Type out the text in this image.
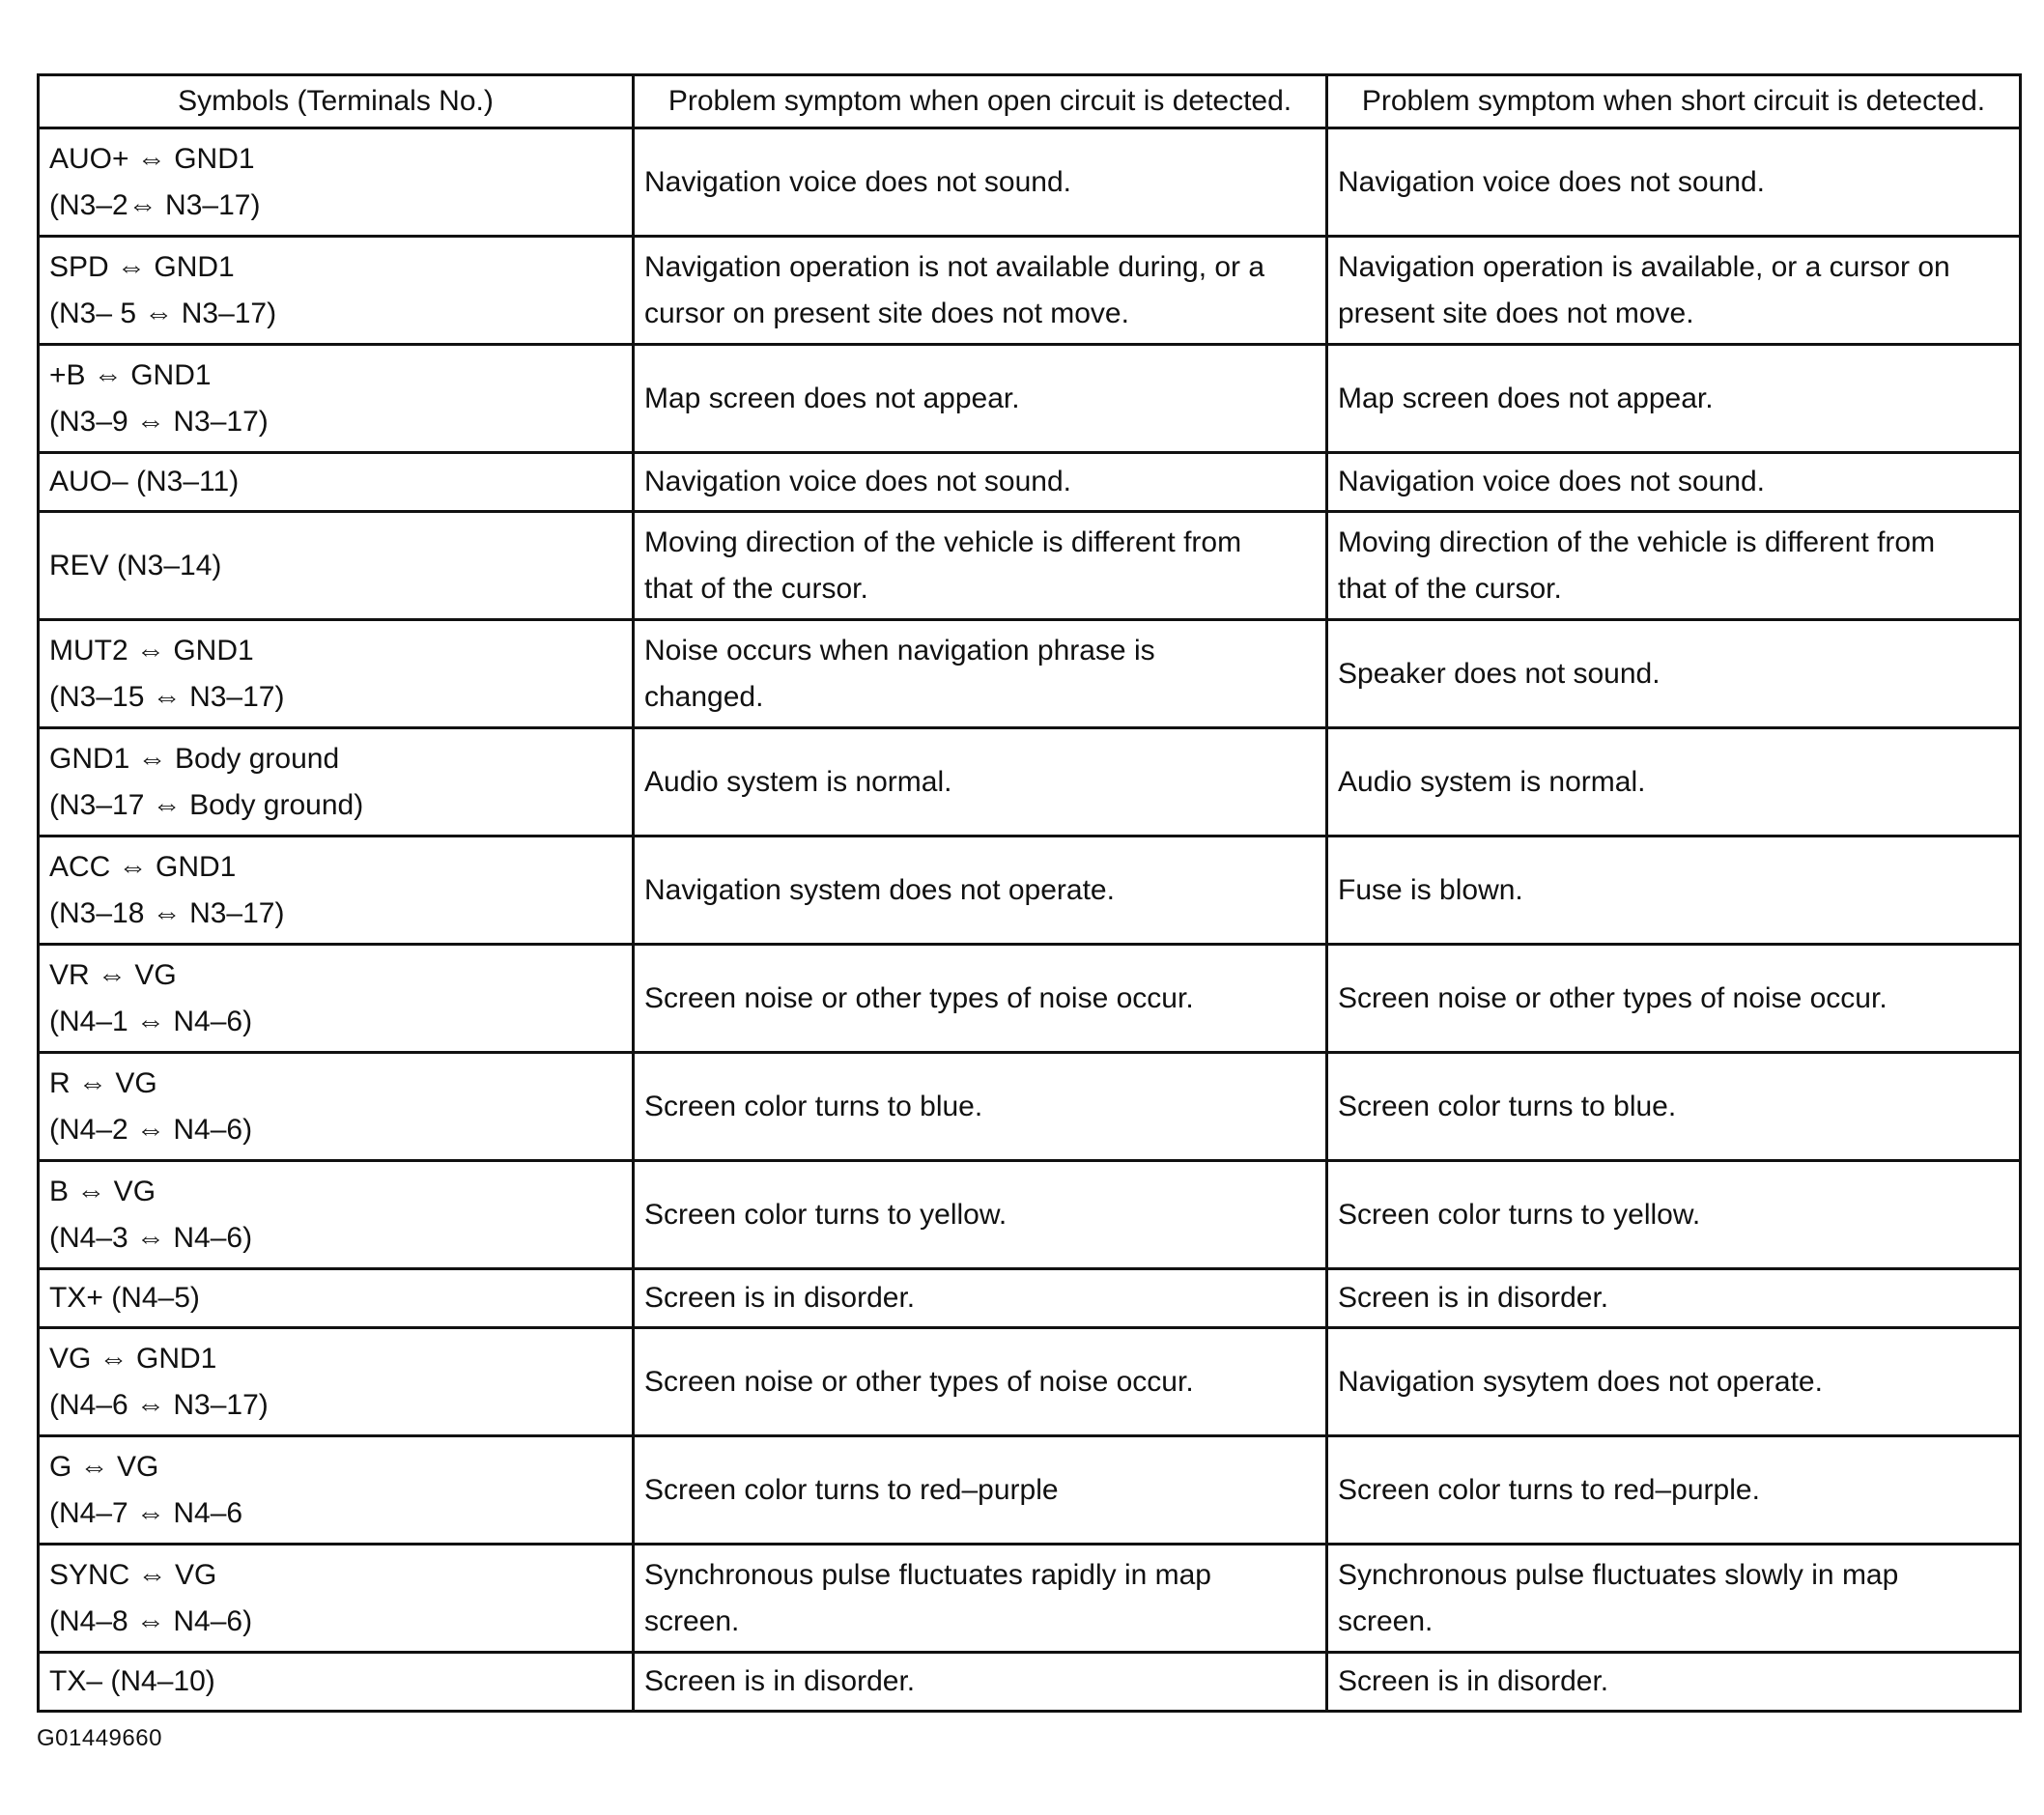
Symbols (Terminals No.)	Problem symptom when open circuit is detected.	Problem symptom when short circuit is detected.

AUO+ ⇔ GND1
(N3–2⇔ N3–17)	Navigation voice does not sound.	Navigation voice does not sound.

SPD ⇔ GND1
(N3– 5 ⇔ N3–17)	Navigation operation is not available during, or a
cursor on present site does not move.	Navigation operation is available, or a cursor on
present site does not move.

+B ⇔ GND1
(N3–9 ⇔ N3–17)	Map screen does not appear.	Map screen does not appear.

AUO– (N3–11)	Navigation voice does not sound.	Navigation voice does not sound.

REV (N3–14)	Moving direction of the vehicle is different from
that of the cursor.	Moving direction of the vehicle is different from
that of the cursor.

MUT2 ⇔ GND1
(N3–15 ⇔ N3–17)	Noise occurs when navigation phrase is
changed.	Speaker does not sound.

GND1 ⇔ Body ground
(N3–17 ⇔ Body ground)	Audio system is normal.	Audio system is normal.

ACC ⇔ GND1
(N3–18 ⇔ N3–17)	Navigation system does not operate.	Fuse is blown.

VR ⇔ VG
(N4–1 ⇔ N4–6)	Screen noise or other types of noise occur.	Screen noise or other types of noise occur.

R ⇔ VG
(N4–2 ⇔ N4–6)	Screen color turns to blue.	Screen color turns to blue.

B ⇔ VG
(N4–3 ⇔ N4–6)	Screen color turns to yellow.	Screen color turns to yellow.

TX+ (N4–5)	Screen is in disorder.	Screen is in disorder.

VG ⇔ GND1
(N4–6 ⇔ N3–17)	Screen noise or other types of noise occur.	Navigation sysytem does not operate.

G ⇔ VG
(N4–7 ⇔ N4–6	Screen color turns to red–purple	Screen color turns to red–purple.

SYNC ⇔ VG
(N4–8 ⇔ N4–6)	Synchronous pulse fluctuates rapidly in map
screen.	Synchronous pulse fluctuates slowly in map
screen.

TX– (N4–10)	Screen is in disorder.	Screen is in disorder.
G01449660
